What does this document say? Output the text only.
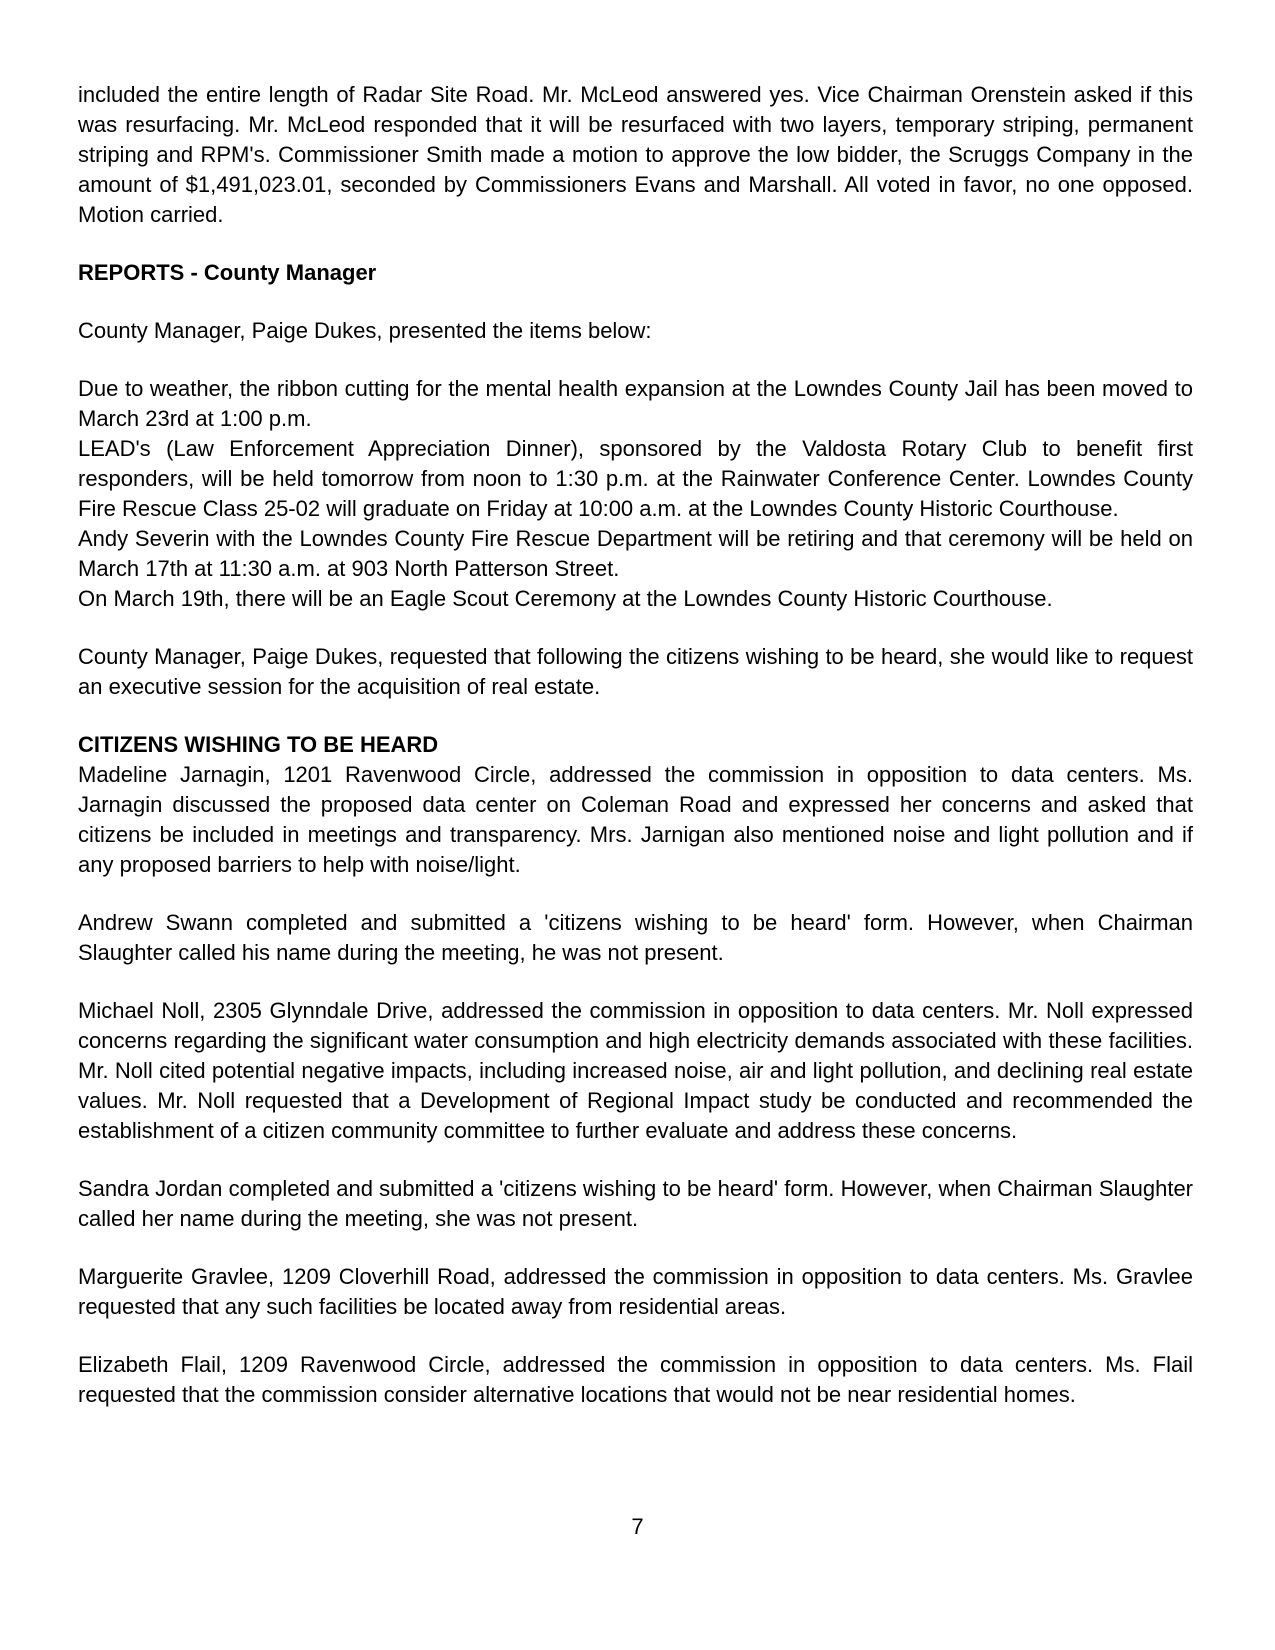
included the entire length of Radar Site Road. Mr. McLeod answered yes. Vice Chairman Orenstein asked if this was resurfacing. Mr. McLeod responded that it will be resurfaced with two layers, temporary striping, permanent striping and RPM's. Commissioner Smith made a motion to approve the low bidder, the Scruggs Company in the amount of $1,491,023.01, seconded by Commissioners Evans and Marshall. All voted in favor, no one opposed. Motion carried.

REPORTS - County Manager

County Manager, Paige Dukes, presented the items below:

Due to weather, the ribbon cutting for the mental health expansion at the Lowndes County Jail has been moved to March 23rd at 1:00 p.m.

LEAD's (Law Enforcement Appreciation Dinner), sponsored by the Valdosta Rotary Club to benefit first responders, will be held tomorrow from noon to 1:30 p.m. at the Rainwater Conference Center. Lowndes County Fire Rescue Class 25-02 will graduate on Friday at 10:00 a.m. at the Lowndes County Historic Courthouse.

Andy Severin with the Lowndes County Fire Rescue Department will be retiring and that ceremony will be held on March 17th at 11:30 a.m. at 903 North Patterson Street.

On March 19th, there will be an Eagle Scout Ceremony at the Lowndes County Historic Courthouse.

County Manager, Paige Dukes, requested that following the citizens wishing to be heard, she would like to request an executive session for the acquisition of real estate.

CITIZENS WISHING TO BE HEARD

Madeline Jarnagin, 1201 Ravenwood Circle, addressed the commission in opposition to data centers. Ms. Jarnagin discussed the proposed data center on Coleman Road and expressed her concerns and asked that citizens be included in meetings and transparency. Mrs. Jarnigan also mentioned noise and light pollution and if any proposed barriers to help with noise/light.

Andrew Swann completed and submitted a 'citizens wishing to be heard' form. However, when Chairman Slaughter called his name during the meeting, he was not present.

Michael Noll, 2305 Glynndale Drive, addressed the commission in opposition to data centers. Mr. Noll expressed concerns regarding the significant water consumption and high electricity demands associated with these facilities. Mr. Noll cited potential negative impacts, including increased noise, air and light pollution, and declining real estate values. Mr. Noll requested that a Development of Regional Impact study be conducted and recommended the establishment of a citizen community committee to further evaluate and address these concerns.

Sandra Jordan completed and submitted a 'citizens wishing to be heard' form. However, when Chairman Slaughter called her name during the meeting, she was not present.

Marguerite Gravlee, 1209 Cloverhill Road, addressed the commission in opposition to data centers. Ms. Gravlee requested that any such facilities be located away from residential areas.

Elizabeth Flail, 1209 Ravenwood Circle, addressed the commission in opposition to data centers. Ms. Flail requested that the commission consider alternative locations that would not be near residential homes.

7
